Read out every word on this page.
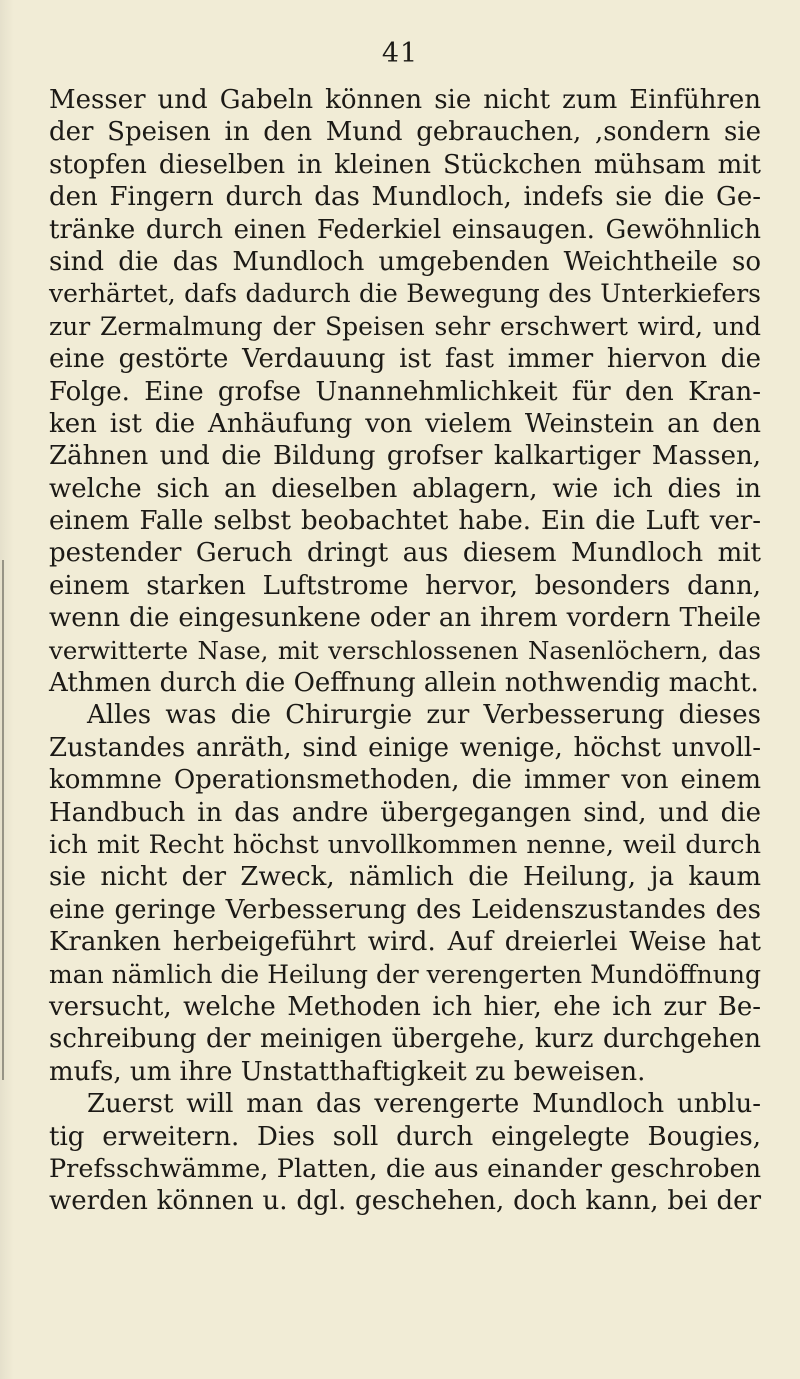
41
Messer und Gabeln können sie nicht zum Einführen
der Speisen in den Mund gebrauchen, ,sondern sie
stopfen dieselben in kleinen Stückchen mühsam mit
den Fingern durch das Mundloch, indefs sie die Ge-
tränke durch einen Federkiel einsaugen. Gewöhnlich
sind die das Mundloch umgebenden Weichtheile so
verhärtet, dafs dadurch die Bewegung des Unterkiefers
zur Zermalmung der Speisen sehr erschwert wird, und
eine gestörte Verdauung ist fast immer hiervon die
Folge. Eine grofse Unannehmlichkeit für den Kran-
ken ist die Anhäufung von vielem Weinstein an den
Zähnen und die Bildung grofser kalkartiger Massen,
welche sich an dieselben ablagern, wie ich dies in
einem Falle selbst beobachtet habe. Ein die Luft ver-
pestender Geruch dringt aus diesem Mundloch mit
einem starken Luftstrome hervor, besonders dann,
wenn die eingesunkene oder an ihrem vordern Theile
verwitterte Nase, mit verschlossenen Nasenlöchern, das
Athmen durch die Oeffnung allein nothwendig macht.
Alles was die Chirurgie zur Verbesserung dieses
Zustandes anräth, sind einige wenige, höchst unvoll-
kommne Operationsmethoden, die immer von einem
Handbuch in das andre übergegangen sind, und die
ich mit Recht höchst unvollkommen nenne, weil durch
sie nicht der Zweck, nämlich die Heilung, ja kaum
eine geringe Verbesserung des Leidenszustandes des
Kranken herbeigeführt wird. Auf dreierlei Weise hat
man nämlich die Heilung der verengerten Mundöffnung
versucht, welche Methoden ich hier, ehe ich zur Be-
schreibung der meinigen übergehe, kurz durchgehen
mufs, um ihre Unstatthaftigkeit zu beweisen.
Zuerst will man das verengerte Mundloch unblu-
tig erweitern. Dies soll durch eingelegte Bougies,
Prefsschwämme, Platten, die aus einander geschroben
werden können u. dgl. geschehen, doch kann, bei der
